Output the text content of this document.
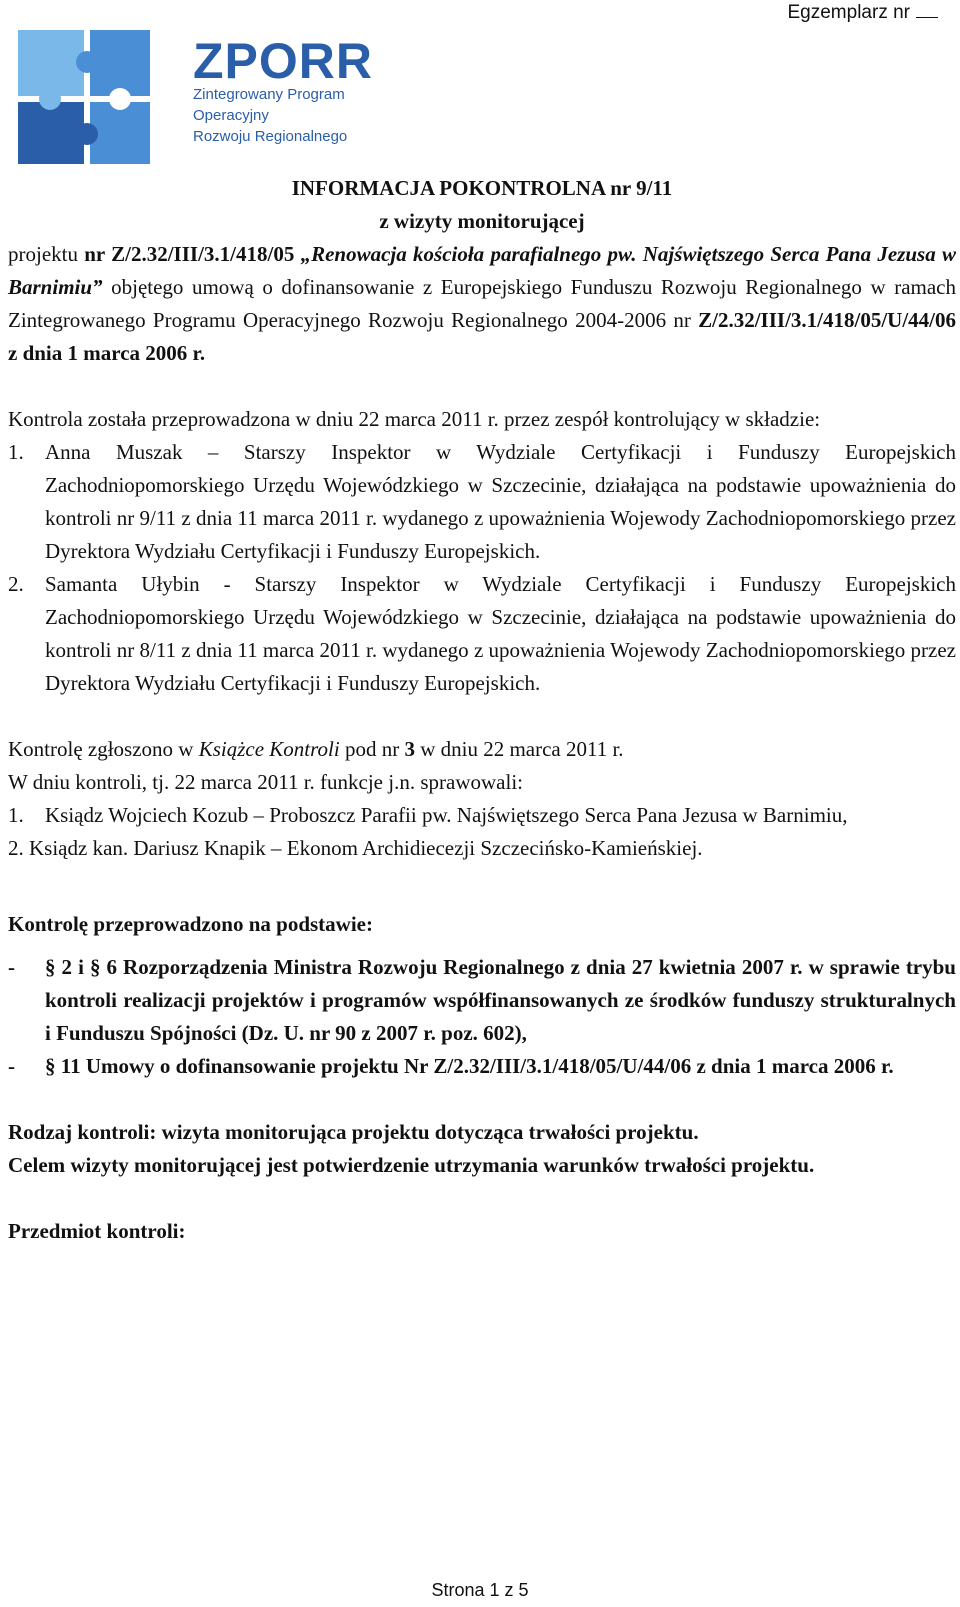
Egzemplarz nr
ZPORR
Zintegrowany Program
Operacyjny
Rozwoju Regionalnego

INFORMACJA POKONTROLNA nr 9/11

z wizyty monitorującej

projektu nr Z/2.32/III/3.1/418/05 „Renowacja kościoła parafialnego pw. Najświętszego Serca Pana Jezusa w Barnimiu” objętego umową o dofinansowanie z Europejskiego Funduszu Rozwoju Regionalnego w ramach Zintegrowanego Programu Operacyjnego Rozwoju Regionalnego 2004-2006 nr Z/2.32/III/3.1/418/05/U/44/06 z dnia 1 marca 2006 r.

Kontrola została przeprowadzona w dniu 22 marca 2011 r. przez zespół kontrolujący w składzie:

1.	Anna Muszak – Starszy Inspektor w Wydziale Certyfikacji i Funduszy Europejskich Zachodniopomorskiego Urzędu Wojewódzkiego w Szczecinie, działająca na podstawie upoważnienia do kontroli nr 9/11 z dnia 11 marca 2011 r. wydanego z upoważnienia Wojewody Zachodniopomorskiego przez Dyrektora Wydziału Certyfikacji i Funduszy Europejskich.
2.	Samanta Ułybin - Starszy Inspektor w Wydziale Certyfikacji i Funduszy Europejskich Zachodniopomorskiego Urzędu Wojewódzkiego w Szczecinie, działająca na podstawie upoważnienia do kontroli nr 8/11 z dnia 11 marca 2011 r. wydanego z upoważnienia Wojewody Zachodniopomorskiego przez Dyrektora Wydziału Certyfikacji i Funduszy Europejskich.

Kontrolę zgłoszono w Książce Kontroli pod nr 3 w dniu 22 marca 2011 r.

W dniu kontroli, tj. 22 marca 2011 r. funkcje j.n. sprawowali:

1.	Ksiądz Wojciech Kozub – Proboszcz Parafii pw. Najświętszego Serca Pana Jezusa w Barnimiu,

2. Ksiądz kan. Dariusz Knapik – Ekonom Archidiecezji Szczecińsko-Kamieńskiej.

Kontrolę przeprowadzono na podstawie:

-	§ 2 i § 6 Rozporządzenia Ministra Rozwoju Regionalnego z dnia 27 kwietnia 2007 r. w sprawie trybu kontroli realizacji projektów i programów współfinansowanych ze środków funduszy strukturalnych i Funduszu Spójności (Dz. U. nr 90 z 2007 r. poz. 602),
-	§ 11 Umowy o dofinansowanie projektu Nr Z/2.32/III/3.1/418/05/U/44/06 z dnia 1 marca 2006 r.

Rodzaj kontroli: wizyta monitorująca projektu dotycząca trwałości projektu.

Celem wizyty monitorującej jest potwierdzenie utrzymania warunków trwałości projektu.

Przedmiot kontroli:

Strona 1 z 5
